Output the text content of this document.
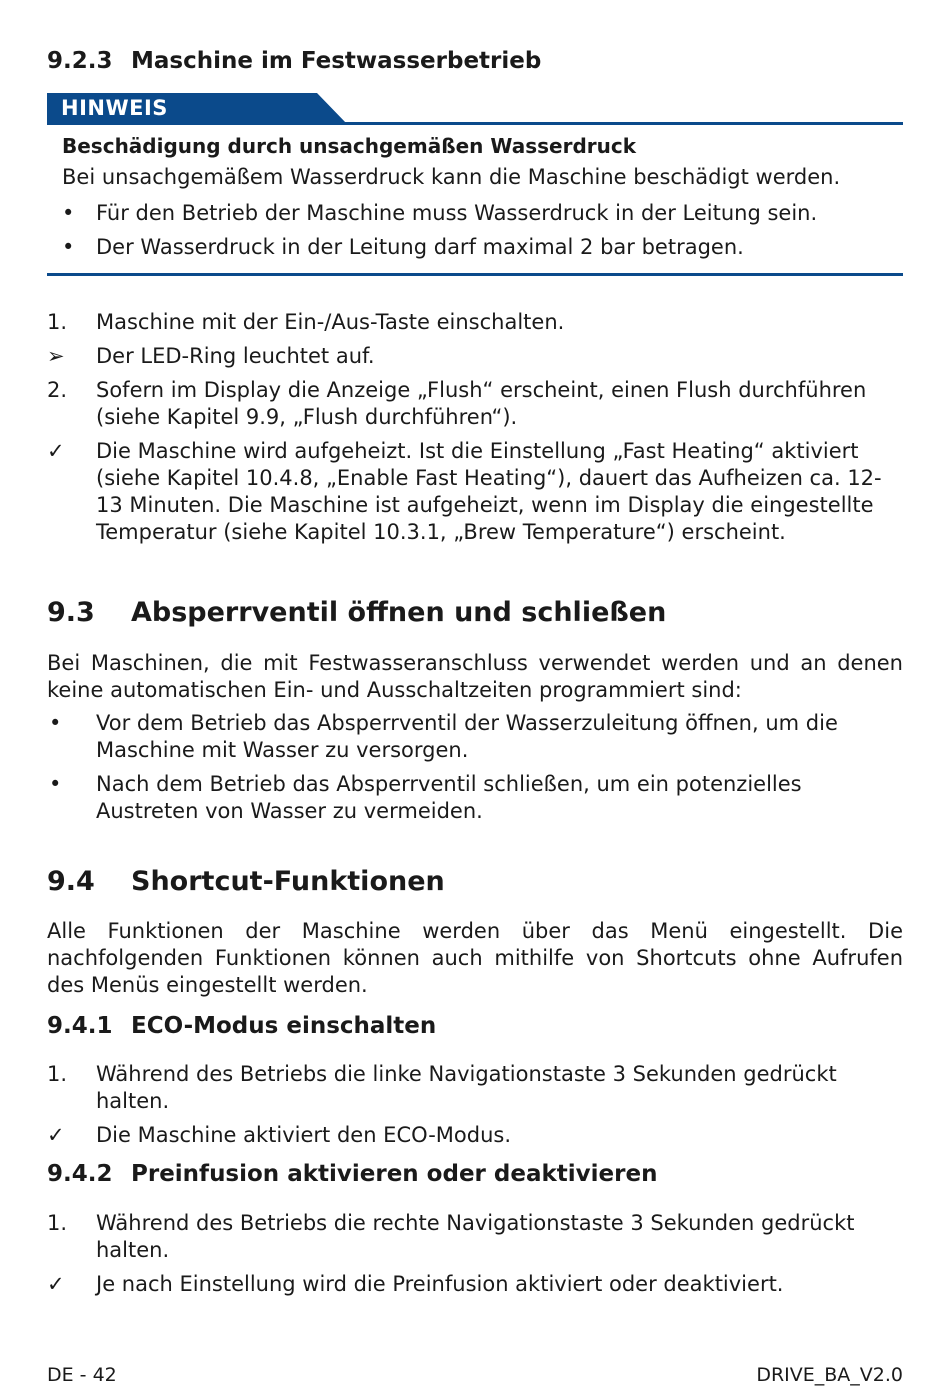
9.2.3 Maschine im Festwasserbetrieb
HINWEIS
Beschädigung durch unsachgemäßen Wasserdruck
Bei unsachgemäßem Wasserdruck kann die Maschine beschädigt werden.
• Für den Betrieb der Maschine muss Wasserdruck in der Leitung sein.
• Der Wasserdruck in der Leitung darf maximal 2 bar betragen.
1.	Maschine mit der Ein-/Aus-Taste einschalten.
➢	Der LED-Ring leuchtet auf.
2.	Sofern im Display die Anzeige „Flush“ erscheint, einen Flush durchführen (siehe Kapitel 9.9, „Flush durchführen“).
✓	Die Maschine wird aufgeheizt. Ist die Einstellung „Fast Heating“ aktiviert (siehe Kapitel 10.4.8, „Enable Fast Heating“), dauert das Aufheizen ca. 12-13 Minuten. Die Maschine ist aufgeheizt, wenn im Display die eingestellte Temperatur (siehe Kapitel 10.3.1, „Brew Temperature“) erscheint.
9.3 Absperrventil öffnen und schließen
Bei Maschinen, die mit Festwasseranschluss verwendet werden und an denen keine automatischen Ein- und Ausschaltzeiten programmiert sind:
• Vor dem Betrieb das Absperrventil der Wasserzuleitung öffnen, um die Maschine mit Wasser zu versorgen.
• Nach dem Betrieb das Absperrventil schließen, um ein potenzielles Austreten von Wasser zu vermeiden.
9.4 Shortcut-Funktionen
Alle Funktionen der Maschine werden über das Menü eingestellt. Die nachfolgenden Funktionen können auch mithilfe von Shortcuts ohne Aufrufen des Menüs eingestellt werden.
9.4.1 ECO-Modus einschalten
1.	Während des Betriebs die linke Navigationstaste 3 Sekunden gedrückt halten.
✓	Die Maschine aktiviert den ECO-Modus.
9.4.2 Preinfusion aktivieren oder deaktivieren
1.	Während des Betriebs die rechte Navigationstaste 3 Sekunden gedrückt halten.
✓	Je nach Einstellung wird die Preinfusion aktiviert oder deaktiviert.
DE - 42	DRIVE_BA_V2.0
